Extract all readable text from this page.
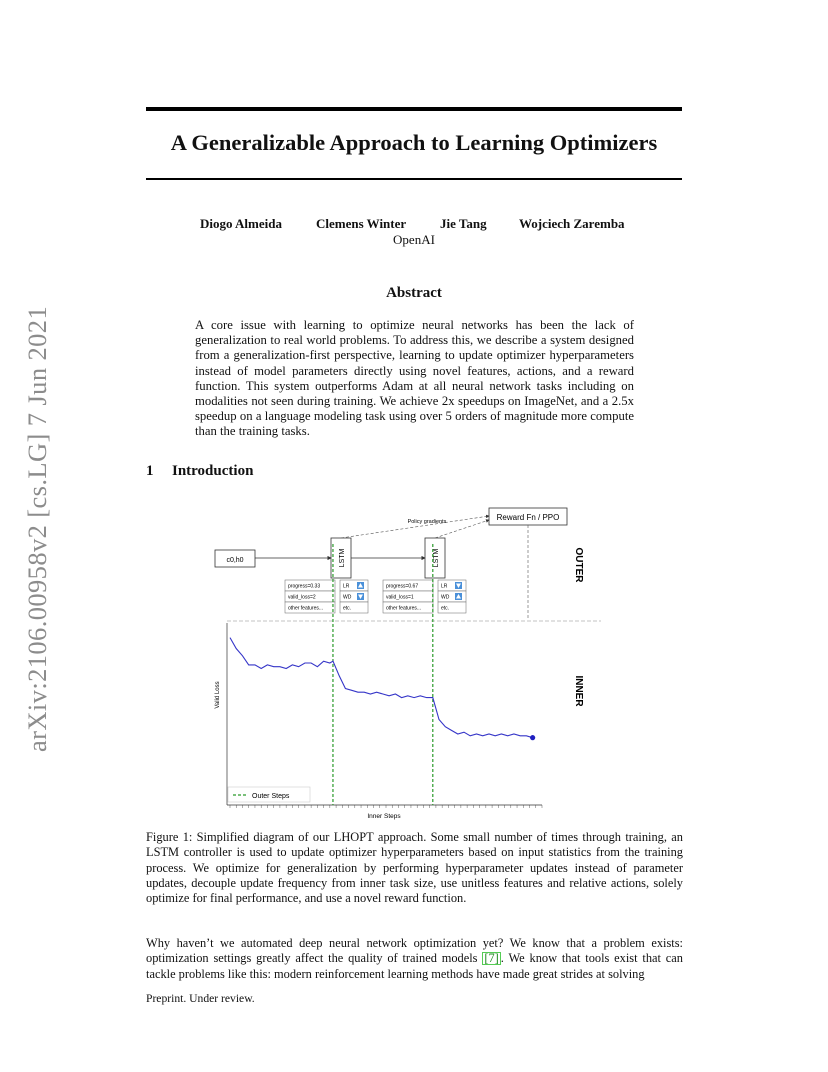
arXiv:2106.00958v2 [cs.LG] 7 Jun 2021
A Generalizable Approach to Learning Optimizers
Diogo Almeida	Clemens Winter	Jie Tang Wojciech Zaremba
OpenAI
Abstract
A core issue with learning to optimize neural networks has been the lack of generalization to real world problems. To address this, we describe a system designed from a generalization-first perspective, learning to update optimizer hyperparameters instead of model parameters directly using novel features, actions, and a reward function. This system outperforms Adam at all neural network tasks including on modalities not seen during training. We achieve 2x speedups on ImageNet, and a 2.5x speedup on a language modeling task using over 5 orders of magnitude more compute than the training tasks.
1 Introduction
Reward Fn / PPO
Policy gradients
c0,h0	LSTM	LSTM
progress=0.33
valid_loss=2
other features...
LR
WD
etc.
progress=0.67
valid_loss=1
other features...
LR
WD
etc.
OUTER
INNER
Valid Loss
Inner Steps
Outer Steps
Figure 1: Simplified diagram of our LHOPT approach. Some small number of times through training, an LSTM controller is used to update optimizer hyperparameters based on input statistics from the training process. We optimize for generalization by performing hyperparameter updates instead of parameter updates, decouple update frequency from inner task size, use unitless features and relative actions, solely optimize for final performance, and use a novel reward function.
Why haven’t we automated deep neural network optimization yet? We know that a problem exists: optimization settings greatly affect the quality of trained models [7] . We know that tools exist that can tackle problems like this: modern reinforcement learning methods have made great strides at solving
Preprint. Under review.
